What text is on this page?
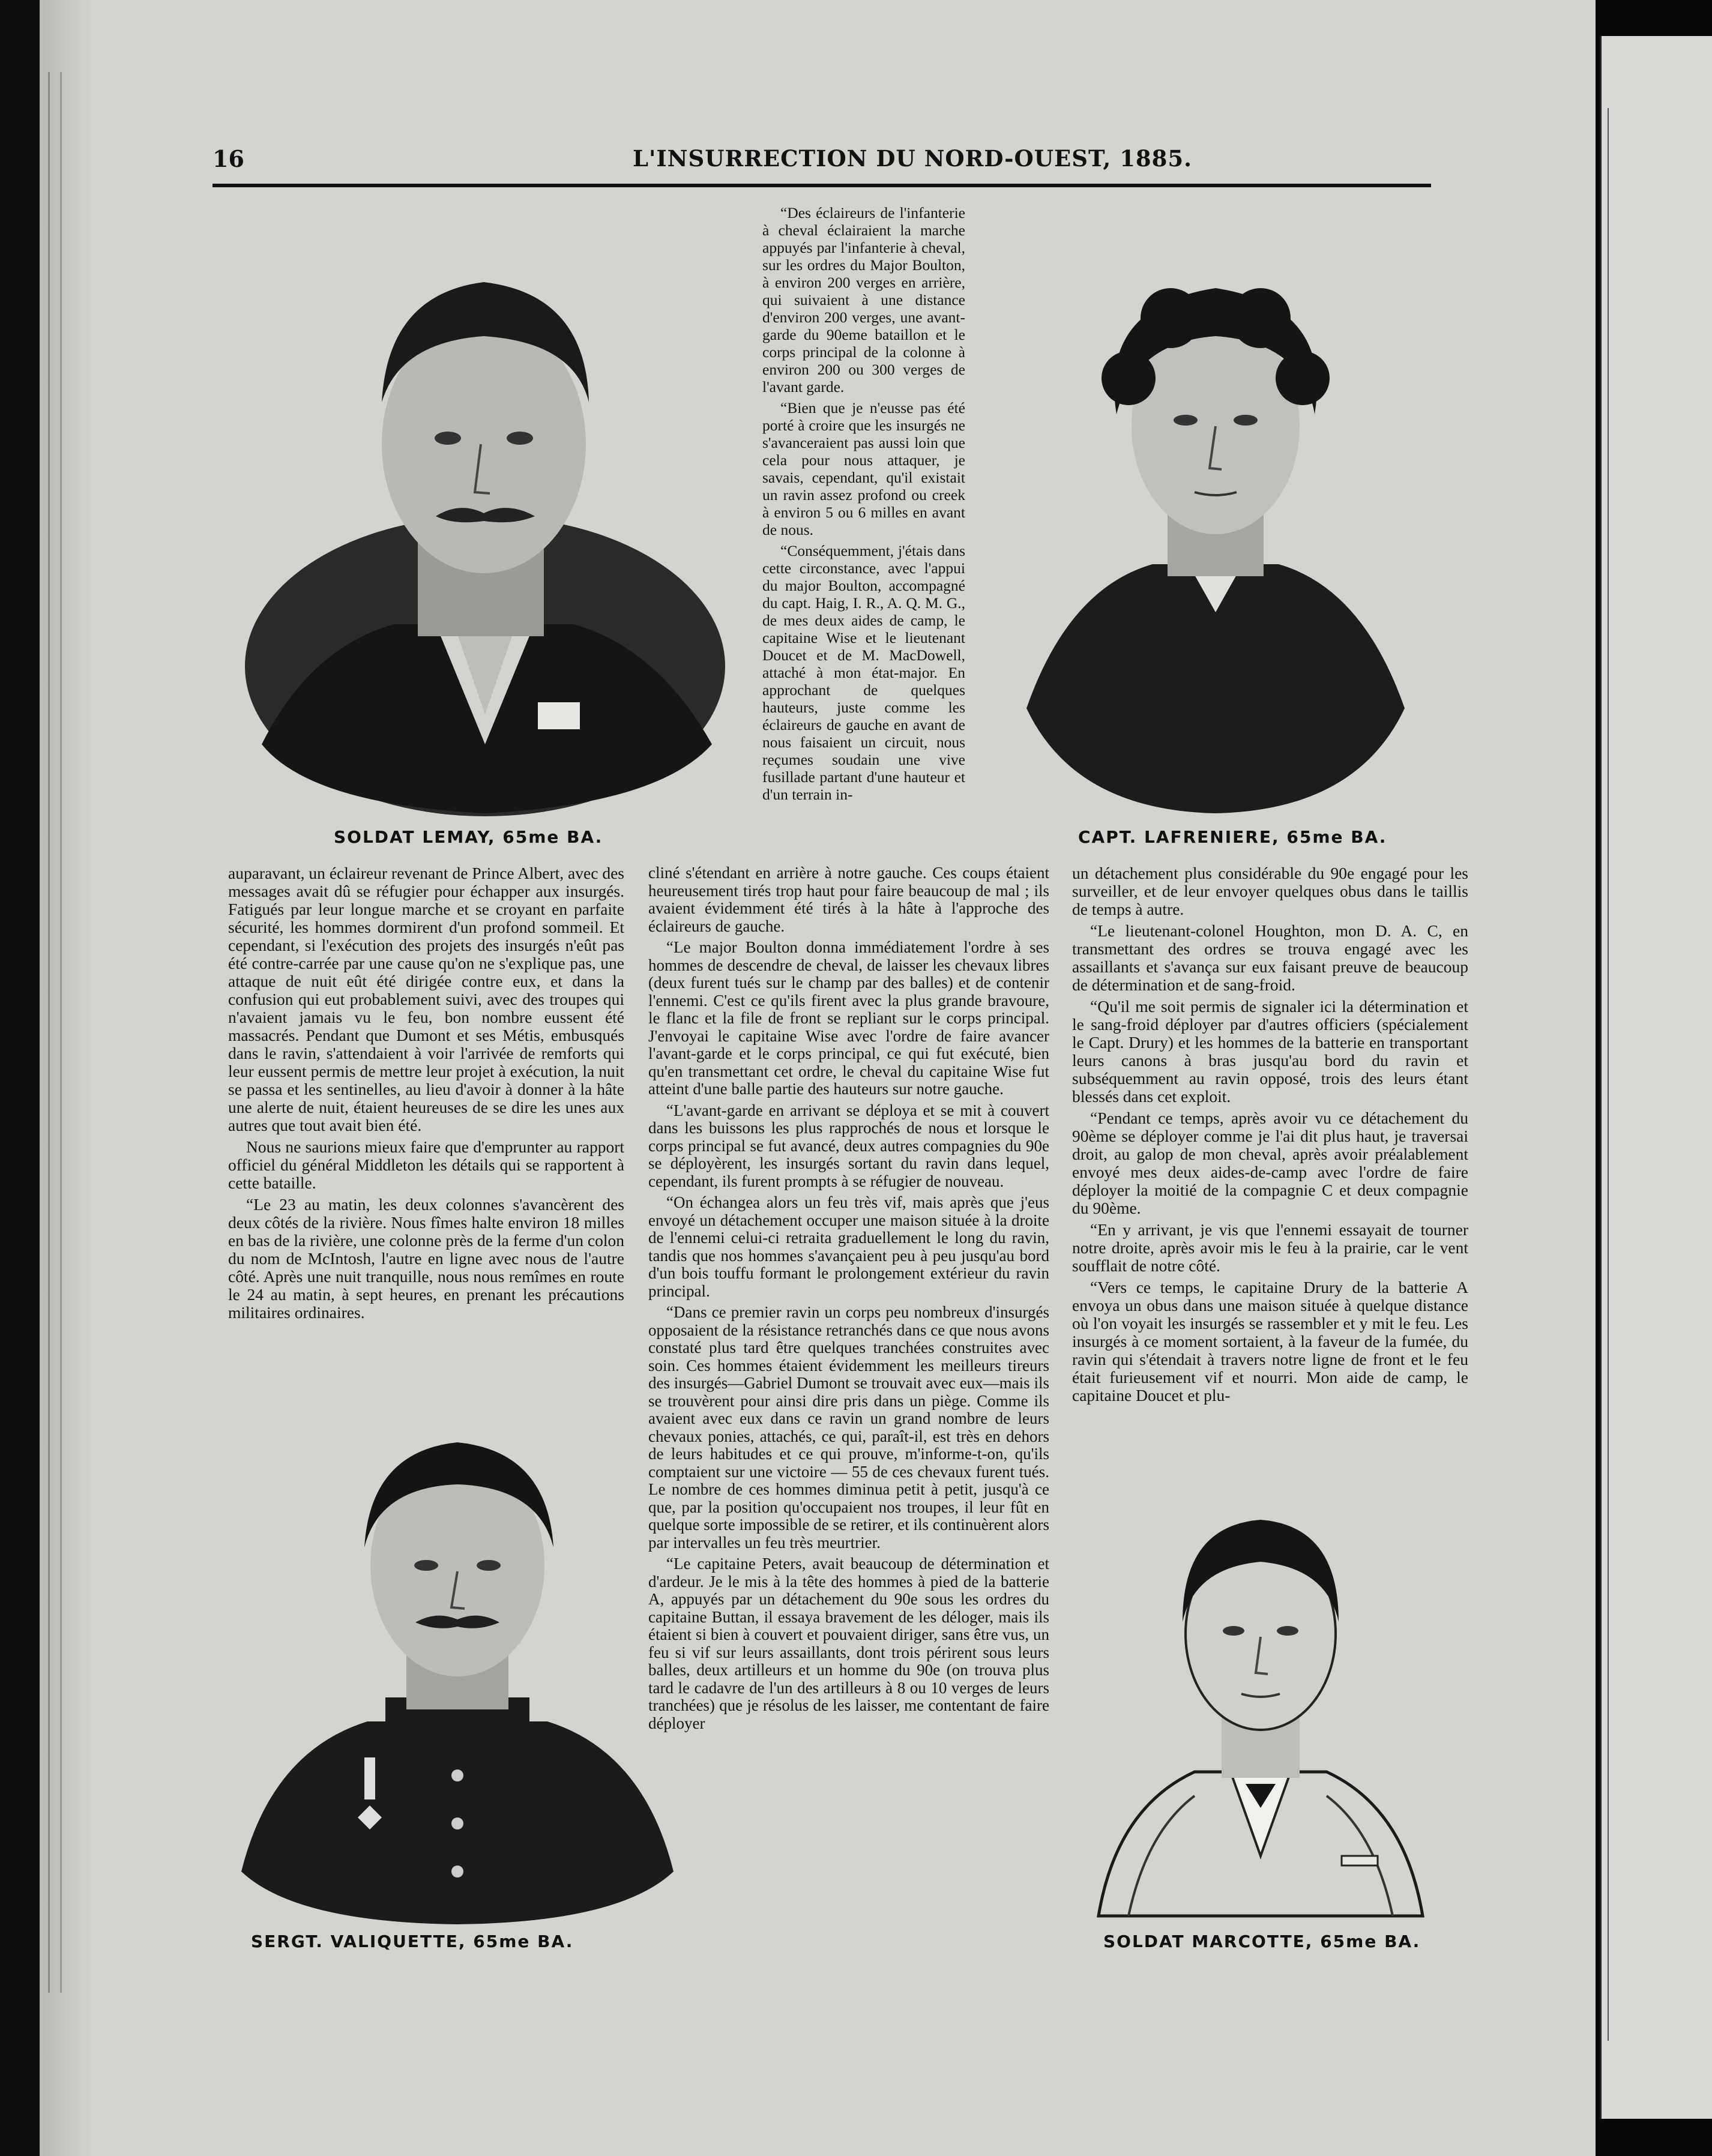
16	L'INSURRECTION DU NORD-OUEST, 1885.
SOLDAT LEMAY, 65me BA.	CAPT. LAFRENIERE, 65me BA.
SERGT. VALIQUETTE, 65me BA.	SOLDAT MARCOTTE, 65me BA.

“Des éclaireurs de l'infanterie à cheval éclairaient la marche appuyés par l'infanterie à cheval, sur les ordres du Major Boulton, à environ 200 verges en arrière, qui suivaient à une distance d'environ 200 verges, une avant-garde du 90eme bataillon et le corps principal de la colonne à environ 200 ou 300 verges de l'avant garde.

“Bien que je n'eusse pas été porté à croire que les insurgés ne s'avanceraient pas aussi loin que cela pour nous attaquer, je savais, cependant, qu'il existait un ravin assez profond ou creek à environ 5 ou 6 milles en avant de nous.

“Conséquemment, j'étais dans cette circonstance, avec l'appui du major Boulton, accompagné du capt. Haig, I. R., A. Q. M. G., de mes deux aides de camp, le capitaine Wise et le lieutenant Doucet et de M. MacDowell, attaché à mon état-major. En approchant de quelques hauteurs, juste comme les éclaireurs de gauche en avant de nous faisaient un circuit, nous reçumes soudain une vive fusillade partant d'une hauteur et d'un terrain in-

auparavant, un éclaireur revenant de Prince Albert, avec des messages avait dû se réfugier pour échapper aux insurgés. Fatigués par leur longue marche et se croyant en parfaite sécurité, les hommes dormirent d'un profond sommeil. Et cependant, si l'exécution des projets des insurgés n'eût pas été contre-carrée par une cause qu'on ne s'explique pas, une attaque de nuit eût été dirigée contre eux, et dans la confusion qui eut probablement suivi, avec des troupes qui n'avaient jamais vu le feu, bon nombre eussent été massacrés. Pendant que Dumont et ses Métis, embusqués dans le ravin, s'attendaient à voir l'arrivée de remforts qui leur eussent permis de mettre leur projet à exécution, la nuit se passa et les sentinelles, au lieu d'avoir à donner à la hâte une alerte de nuit, étaient heureuses de se dire les unes aux autres que tout avait bien été.

Nous ne saurions mieux faire que d'emprunter au rapport officiel du général Middleton les détails qui se rapportent à cette bataille.

“Le 23 au matin, les deux colonnes s'avancèrent des deux côtés de la rivière. Nous fîmes halte environ 18 milles en bas de la rivière, une colonne près de la ferme d'un colon du nom de McIntosh, l'autre en ligne avec nous de l'autre côté. Après une nuit tranquille, nous nous remîmes en route le 24 au matin, à sept heures, en prenant les précautions militaires ordinaires.

cliné s'étendant en arrière à notre gauche. Ces coups étaient heureusement tirés trop haut pour faire beaucoup de mal ; ils avaient évidemment été tirés à la hâte à l'approche des éclaireurs de gauche.

“Le major Boulton donna immédiatement l'ordre à ses hommes de descendre de cheval, de laisser les chevaux libres (deux furent tués sur le champ par des balles) et de contenir l'ennemi. C'est ce qu'ils firent avec la plus grande bravoure, le flanc et la file de front se repliant sur le corps principal. J'envoyai le capitaine Wise avec l'ordre de faire avancer l'avant-garde et le corps principal, ce qui fut exécuté, bien qu'en transmettant cet ordre, le cheval du capitaine Wise fut atteint d'une balle partie des hauteurs sur notre gauche.

“L'avant-garde en arrivant se déploya et se mit à couvert dans les buissons les plus rapprochés de nous et lorsque le corps principal se fut avancé, deux autres compagnies du 90e se déployèrent, les insurgés sortant du ravin dans lequel, cependant, ils furent prompts à se réfugier de nouveau.

“On échangea alors un feu très vif, mais après que j'eus envoyé un détachement occuper une maison située à la droite de l'ennemi celui-ci retraita graduellement le long du ravin, tandis que nos hommes s'avançaient peu à peu jusqu'au bord d'un bois touffu formant le prolongement extérieur du ravin principal.

“Dans ce premier ravin un corps peu nombreux d'insurgés opposaient de la résistance retranchés dans ce que nous avons constaté plus tard être quelques tranchées construites avec soin. Ces hommes étaient évidemment les meilleurs tireurs des insurgés—Gabriel Dumont se trouvait avec eux—mais ils se trouvèrent pour ainsi dire pris dans un piège. Comme ils avaient avec eux dans ce ravin un grand nombre de leurs chevaux ponies, attachés, ce qui, paraît-il, est très en dehors de leurs habitudes et ce qui prouve, m'informe-t-on, qu'ils comptaient sur une victoire — 55 de ces chevaux furent tués. Le nombre de ces hommes diminua petit à petit, jusqu'à ce que, par la position qu'occupaient nos troupes, il leur fût en quelque sorte impossible de se retirer, et ils continuèrent alors par intervalles un feu très meurtrier.

“Le capitaine Peters, avait beaucoup de détermination et d'ardeur. Je le mis à la tête des hommes à pied de la batterie A, appuyés par un détachement du 90e sous les ordres du capitaine Buttan, il essaya bravement de les déloger, mais ils étaient si bien à couvert et pouvaient diriger, sans être vus, un feu si vif sur leurs assaillants, dont trois périrent sous leurs balles, deux artilleurs et un homme du 90e (on trouva plus tard le cadavre de l'un des artilleurs à 8 ou 10 verges de leurs tranchées) que je résolus de les laisser, me contentant de faire déployer

un détachement plus considérable du 90e engagé pour les surveiller, et de leur envoyer quelques obus dans le taillis de temps à autre.

“Le lieutenant-colonel Houghton, mon D. A. C, en transmettant des ordres se trouva engagé avec les assaillants et s'avança sur eux faisant preuve de beaucoup de détermination et de sang-froid.

“Qu'il me soit permis de signaler ici la détermination et le sang-froid déployer par d'autres officiers (spécialement le Capt. Drury) et les hommes de la batterie en transportant leurs canons à bras jusqu'au bord du ravin et subséquemment au ravin opposé, trois des leurs étant blessés dans cet exploit.

“Pendant ce temps, après avoir vu ce détachement du 90ème se déployer comme je l'ai dit plus haut, je traversai droit, au galop de mon cheval, après avoir préalablement envoyé mes deux aides-de-camp avec l'ordre de faire déployer la moitié de la compagnie C et deux compagnie du 90ème.

“En y arrivant, je vis que l'ennemi essayait de tourner notre droite, après avoir mis le feu à la prairie, car le vent soufflait de notre côté.

“Vers ce temps, le capitaine Drury de la batterie A envoya un obus dans une maison située à quelque distance où l'on voyait les insurgés se rassembler et y mit le feu. Les insurgés à ce moment sortaient, à la faveur de la fumée, du ravin qui s'étendait à travers notre ligne de front et le feu était furieusement vif et nourri. Mon aide de camp, le capitaine Doucet et plu-
